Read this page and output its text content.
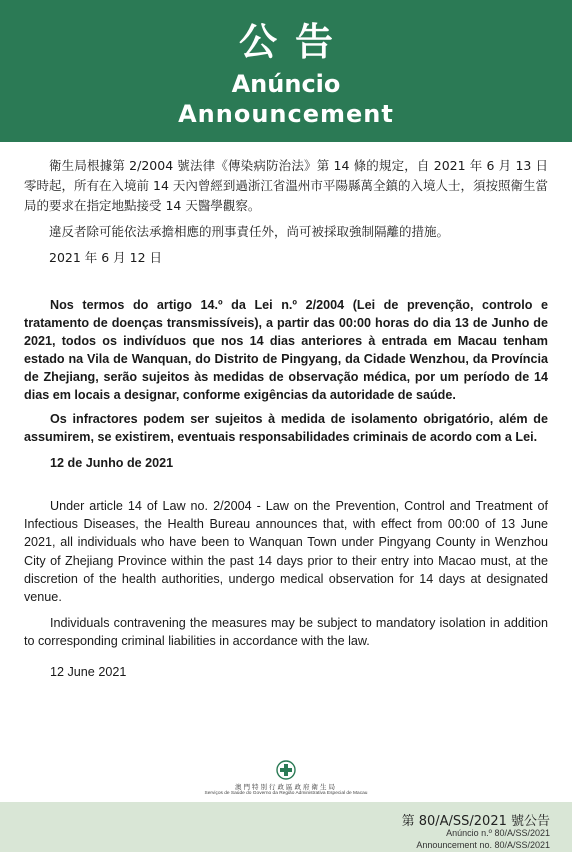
公告
Anúncio
Announcement

衛生局根據第 2/2004 號法律《傳染病防治法》第 14 條的規定，自 2021 年 6 月 13 日零時起，所有在入境前 14 天內曾經到過浙江省溫州市平陽縣萬全鎮的入境人士，須按照衛生當局的要求在指定地點接受 14 天醫學觀察。

違反者除可能依法承擔相應的刑事責任外，尚可被採取強制隔離的措施。

2021 年 6 月 12 日

Nos termos do artigo 14.º da Lei n.º 2/2004 (Lei de prevenção, controlo e tratamento de doenças transmissíveis), a partir das 00:00 horas do dia 13 de Junho de 2021, todos os indivíduos que nos 14 dias anteriores à entrada em Macau tenham estado na Vila de Wanquan, do Distrito de Pingyang, da Cidade Wenzhou, da Província de Zhejiang, serão sujeitos às medidas de observação médica, por um período de 14 dias em locais a designar, conforme exigências da autoridade de saúde.

Os infractores podem ser sujeitos à medida de isolamento obrigatório, além de assumirem, se existirem, eventuais responsabilidades criminais de acordo com a Lei.

12 de Junho de 2021

Under article 14 of Law no. 2/2004 - Law on the Prevention, Control and Treatment of Infectious Diseases, the Health Bureau announces that, with effect from 00:00 of 13 June 2021, all individuals who have been to Wanquan Town under Pingyang County in Wenzhou City of Zhejiang Province within the past 14 days prior to their entry into Macao must, at the discretion of the health authorities, undergo medical observation for 14 days at designated venue.

Individuals contravening the measures may be subject to mandatory isolation in addition to corresponding criminal liabilities in accordance with the law.

12 June 2021

澳門特別行政區政府衛生局
Serviços de Saúde do Governo da Região Administrativa Especial de Macau
第 80/A/SS/2021 號公告
Anúncio n.º 80/A/SS/2021
Announcement no. 80/A/SS/2021
